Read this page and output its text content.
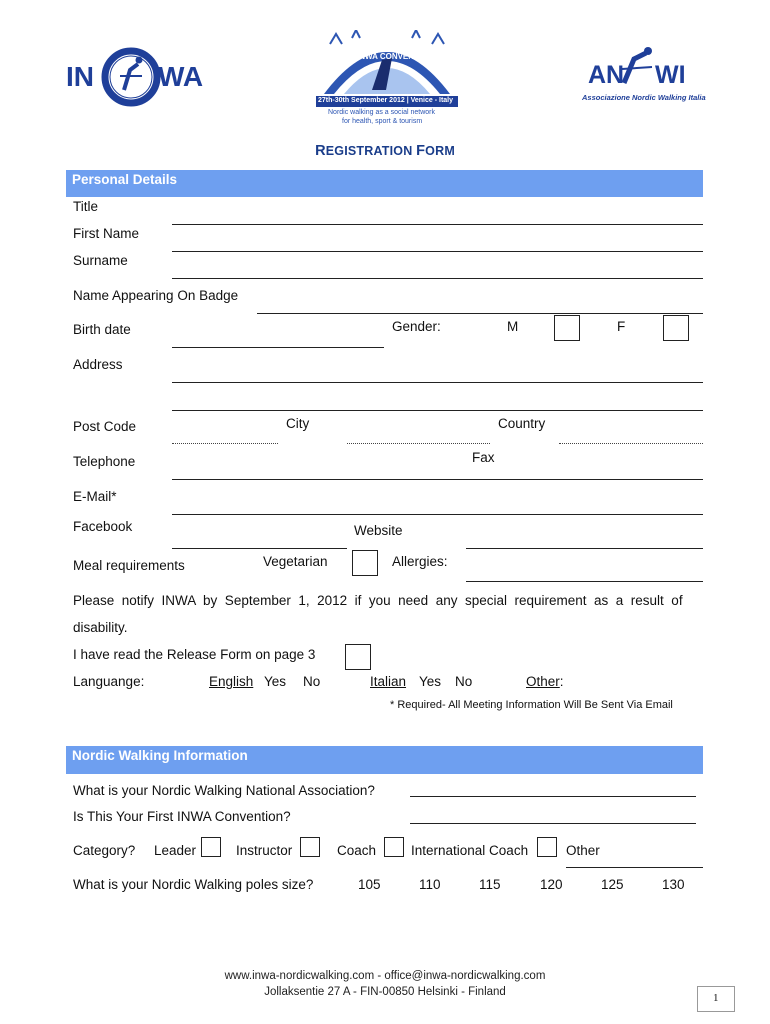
IN WA
INWA CONVENTION 2012
27th-30th September 2012 | Venice - Italy
Nordic walking as a social network
for health, sport & tourism
AN WI
Associazione Nordic Walking Italia
REGISTRATION FORM
Personal Details
Title
First Name
Surname
Name Appearing On Badge
Birth date	Gender:	M	F
Address
Post Code	City	Country
Telephone	Fax
E-Mail*
Facebook	Website
Meal requirements	Vegetarian	Allergies:
Please  notify  INWA  by  September  1,  2012  if  you  need  any  special  requirement  as  a  result  of
disability.
I have read the Release Form on page 3
Languange:	English Yes No	Italian Yes No	Other:
* Required- All Meeting Information Will Be Sent Via Email
Nordic Walking Information
What is your Nordic Walking National Association?
Is This Your First INWA Convention?
Category? Leader	Instructor	Coach	International Coach	Other
What is your Nordic Walking poles size?	105	110	115	120	125	130
www.inwa-nordicwalking.com - office@inwa-nordicwalking.com
Jollaksentie 27 A - FIN-00850 Helsinki - Finland	1
